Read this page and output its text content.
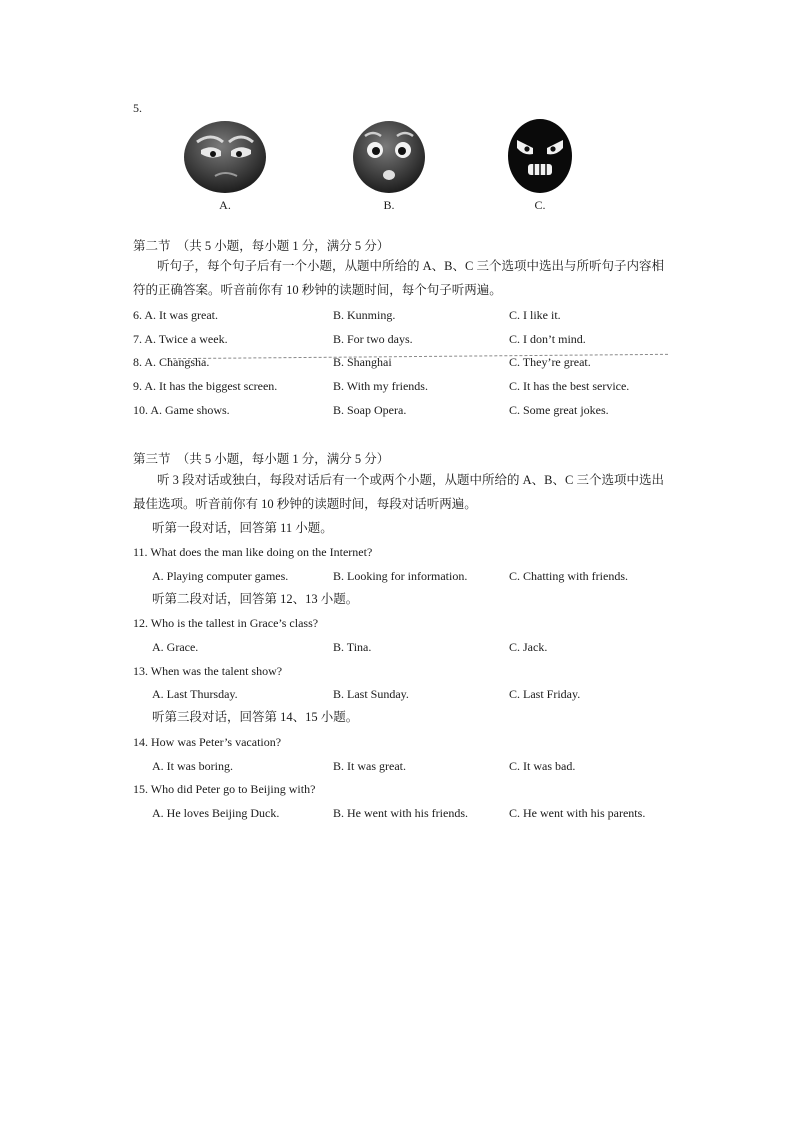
5.
A.	B.	C.
第二节　（共 5 小题，每小题 1 分，满分 5 分）
听句子，每个句子后有一个小题，从题中所给的 A、B、C 三个选项中选出与所听句子内容相
符的正确答案。听音前你有 10 秒钟的读题时间，每个句子听两遍。
6. A. It was great.	B. Kunming.	C. I like it.
7. A. Twice a week.	B. For two days.	C. I don’t mind.
8. A. Changsha.	B. Shanghai	C. They’re great.
9. A. It has the biggest screen.	B. With my friends.	C. It has the best service.
10. A. Game shows.	B. Soap Opera.	C. Some great jokes.
第三节　（共 5 小题，每小题 1 分，满分 5 分）
听 3 段对话或独白，每段对话后有一个或两个小题，从题中所给的 A、B、C 三个选项中选出
最佳选项。听音前你有 10 秒钟的读题时间，每段对话听两遍。
听第一段对话，回答第 11 小题。
11. What does the man like doing on the Internet?
A. Playing computer games.	B. Looking for information.	C. Chatting with friends.
听第二段对话，回答第 12、13 小题。
12. Who is the tallest in Grace’s class?
A. Grace.	B. Tina.	C. Jack.
13. When was the talent show?
A. Last Thursday.	B. Last Sunday.	C. Last Friday.
听第三段对话，回答第 14、15 小题。
14. How was Peter’s vacation?
A. It was boring.	B. It was great.	C. It was bad.
15. Who did Peter go to Beijing with?
A. He loves Beijing Duck.	B. He went with his friends.	C. He went with his parents.
